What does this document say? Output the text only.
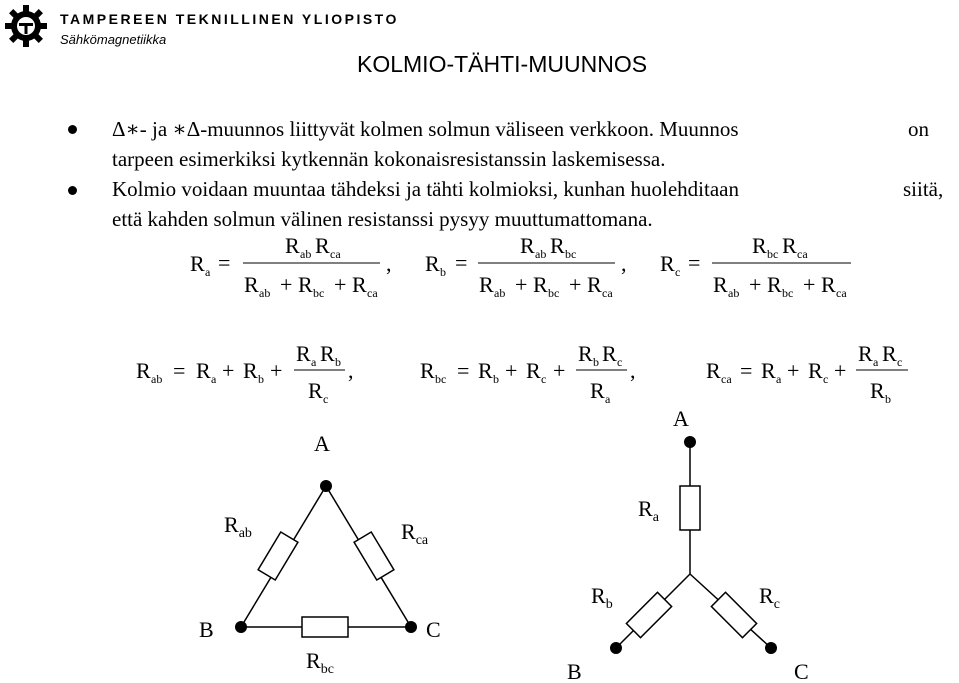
TAMPEREEN TEKNILLINEN YLIOPISTO
Sähkömagnetiikka
KOLMIO-TÄHTI-MUUNNOS
Δ∗- ja ∗Δ-muunnos liittyvät kolmen solmun väliseen verkkoon. Muunnos	on
tarpeen esimerkiksi kytkennän kokonaisresistanssin laskemisessa.
Kolmio voidaan muuntaa tähdeksi ja tähti kolmioksi, kunhan huolehditaan	siitä,
että kahden solmun välinen resistanssi pysyy muuttumattomana.
R a =
R ab R ca
R ab + R bc + R ca
, R b =
R ab R bc
R ab + R bc + R ca
, R c =
R bc R ca
R ab + R bc + R ca
R ab = R a + R b +
R a R b
R c
,	R bc = R b + R c +
R b R c
R a
,	R ca = R a + R c +
R a R c
R b
A
B	C
$R_{ab}$	$R_{ca}$
$R_{bc}$
A
B	C
$R_a$
$R_b$	$R_c$
